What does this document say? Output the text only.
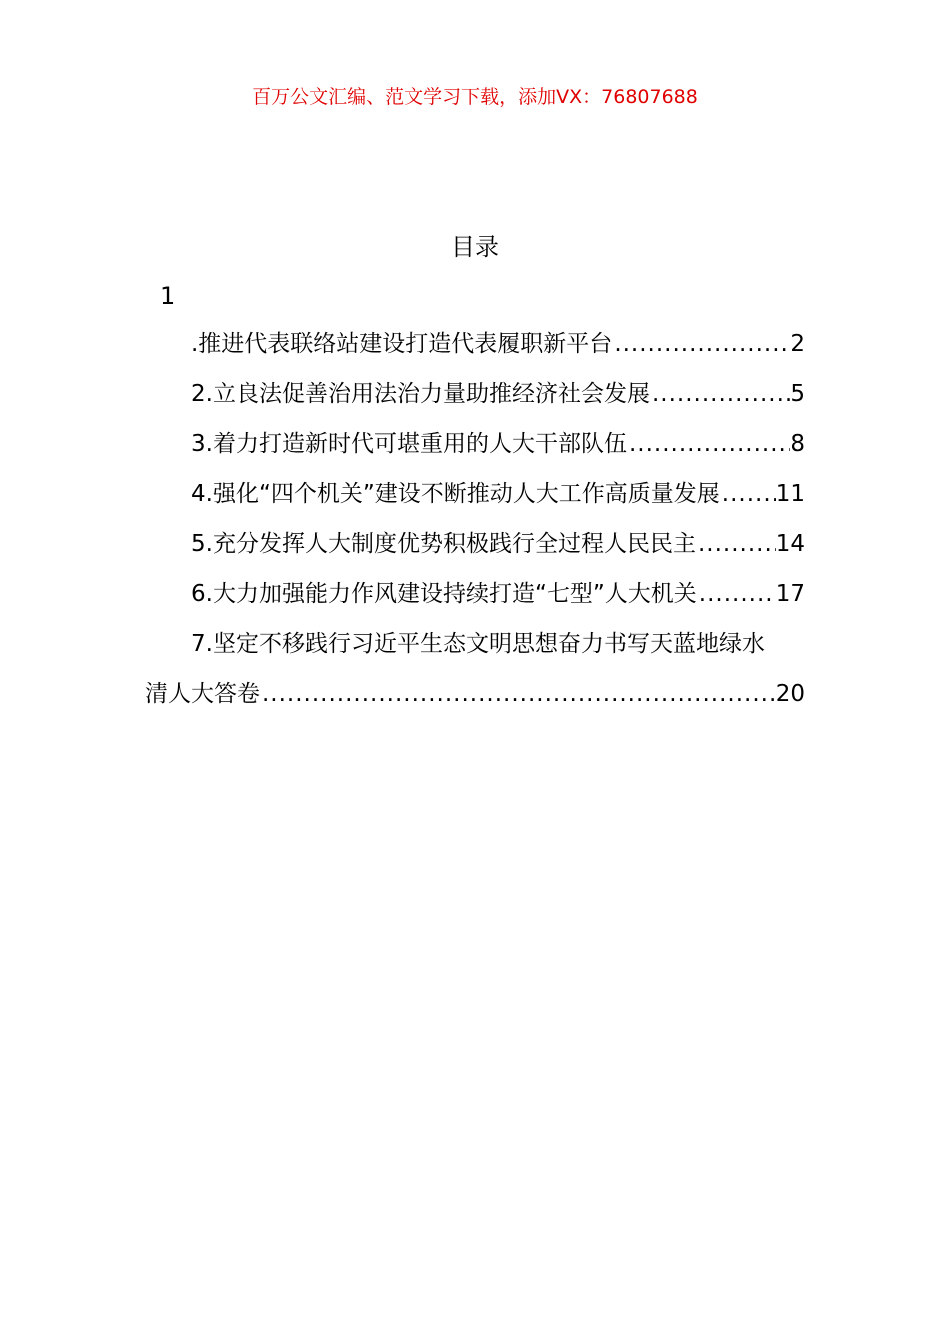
百万公文汇编、范文学习下载，添加VX：76807688
目录
1
.推进代表联络站建设打造代表履职新平台 .....	2
2.立良法促善治用法治力量助推经济社会发展 .....	5
3.着力打造新时代可堪重用的人大干部队伍 .....	8
4.强化“四个机关”建设不断推动人大工作高质量发展 ..... 11
5.充分发挥人大制度优势积极践行全过程人民民主 .....	14
6.大力加强能力作风建设持续打造“七型”人大机关 .....	17
7.坚定不移践行习近平生态文明思想奋力书写天蓝地绿水
清人大答卷 .....	20
